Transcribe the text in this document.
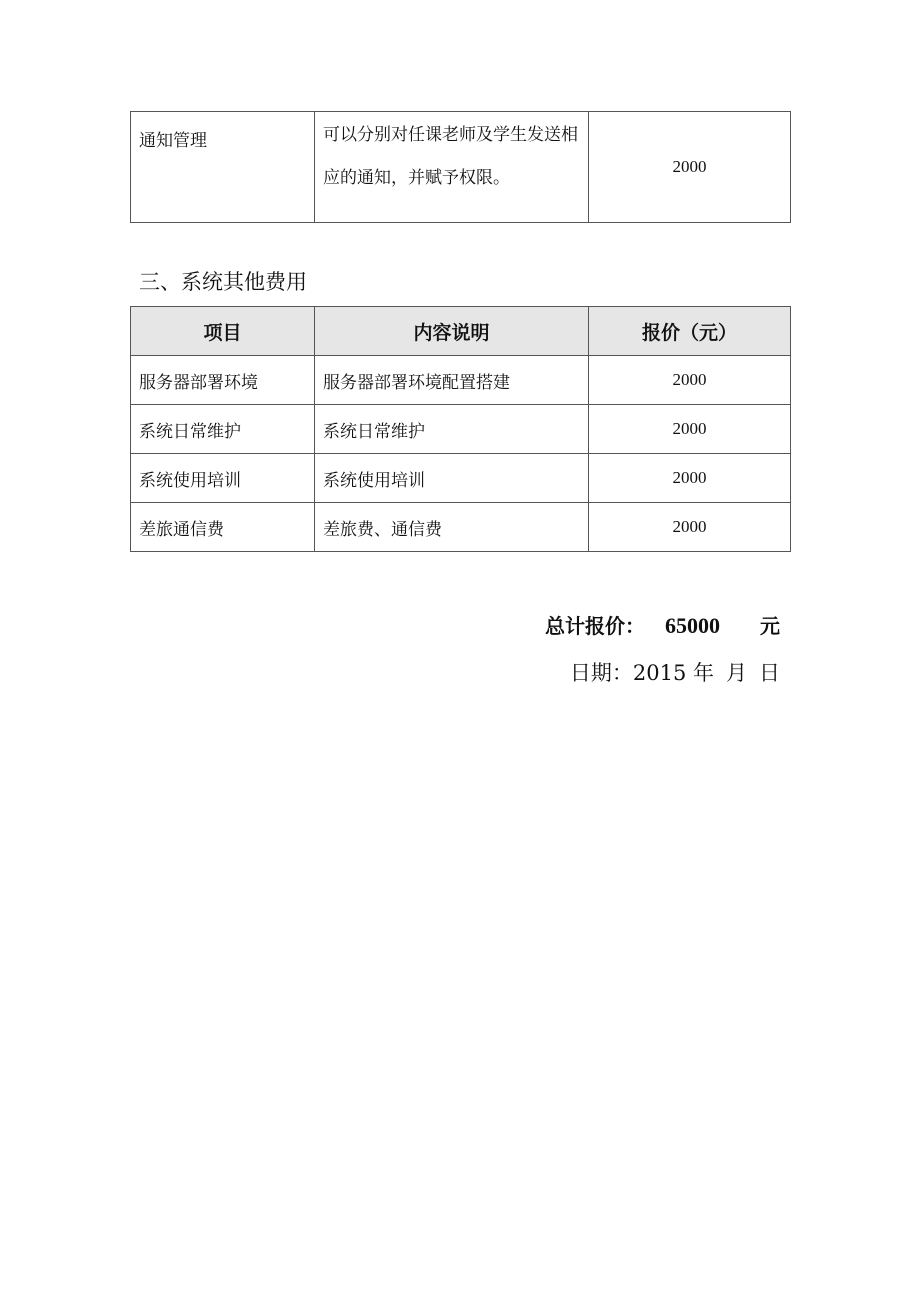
通知管理	可以分别对任课老师及学生发送相应的通知，并赋予权限。	2000
三、系统其他费用
项目	内容说明	报价（元）
服务器部署环境	服务器部署环境配置搭建	2000
系统日常维护	系统日常维护	2000
系统使用培训	系统使用培训	2000
差旅通信费	差旅费、通信费	2000
总计报价： 65000 元
日期：2015 年 月 日
